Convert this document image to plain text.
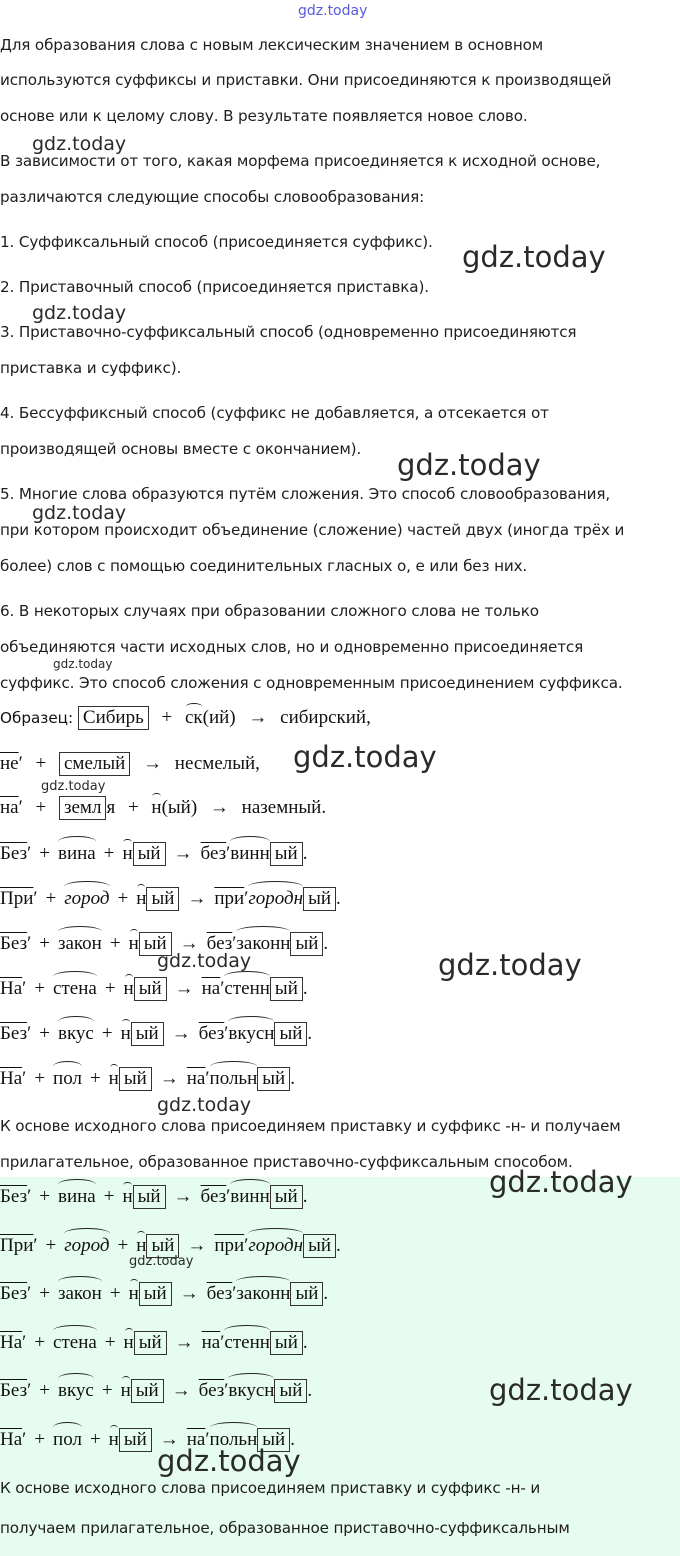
Для образования слова с новым лексическим значением в основном
используются суффиксы и приставки. Они присоединяются к производящей
основе или к целому слову. В результате появляется новое слово.
В зависимости от того, какая морфема присоединяется к исходной основе,
различаются следующие способы словообразования:
1. Суффиксальный способ (присоединяется суффикс).
2. Приставочный способ (присоединяется приставка).
3. Приставочно-суффиксальный способ (одновременно присоединяются
приставка и суффикс).
4. Бессуффиксный способ (суффикс не добавляется, а отсекается от
производящей основы вместе с окончанием).
5. Многие слова образуются путём сложения. Это способ словообразования,
при котором происходит объединение (сложение) частей двух (иногда трёх и
более) слов с помощью соединительных гласных о, е или без них.
6. В некоторых случаях при образовании сложного слова не только
объединяются части исходных слов, но и одновременно присоединяется
суффикс. Это способ сложения с одновременным присоединением суффикса.
Образец: Сибирь + ск(ий) → сибирский,
не′ + смелый → несмелый,
на′ + земл я + н(ый) → наземный.
Без′ + вина + н ый → без′винн ый .
При′ + город + н ый → при′городн ый .
Без′ + закон + н ый → без′законн ый .
На′ + стена + н ый → на′стенн ый .
Без′ + вкус + н ый → без′вкусн ый .
На′ + пол + н ый → на′польн ый .
К основе исходного слова присоединяем приставку и суффикс -н- и получаем
прилагательное, образованное приставочно-суффиксальным способом.
Без′ + вина + н ый → без′винн ый .
При′ + город + н ый → при′городн ый .
Без′ + закон + н ый → без′законн ый .
На′ + стена + н ый → на′стенн ый .
Без′ + вкус + н ый → без′вкусн ый .
На′ + пол + н ый → на′польн ый .
К основе исходного слова присоединяем приставку и суффикс -н- и
получаем прилагательное, образованное приставочно-суффиксальным
gdz.today
gdz.today
gdz.today
gdz.today
gdz.today
gdz.today
gdz.today
gdz.today
gdz.today
gdz.today	gdz.today
gdz.today
gdz.today
gdz.today
gdz.today
gdz.today
